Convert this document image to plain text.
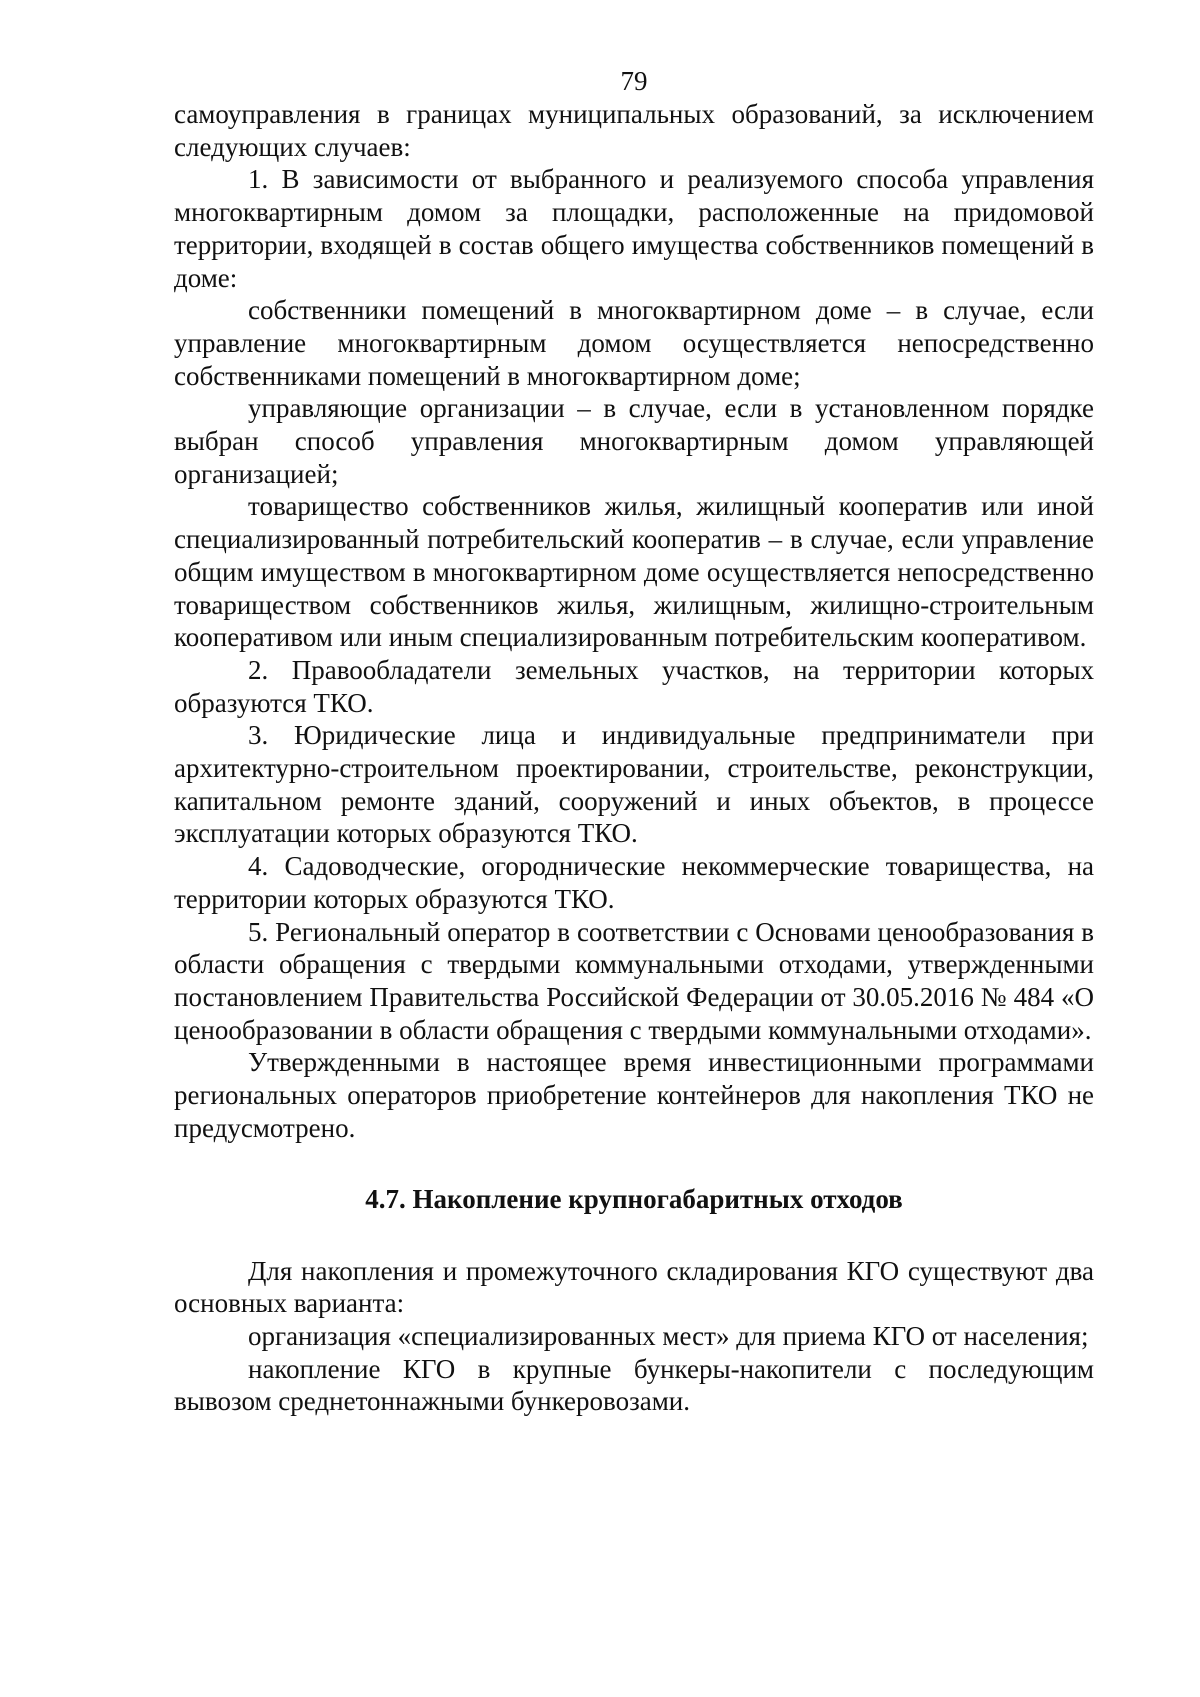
79

самоуправления в границах муниципальных образований, за исключением следующих случаев:

1. В зависимости от выбранного и реализуемого способа управления многоквартирным домом за площадки, расположенные на придомовой территории, входящей в состав общего имущества собственников помещений в доме:

собственники помещений в многоквартирном доме – в случае, если управление многоквартирным домом осуществляется непосредственно собственниками помещений в многоквартирном доме;

управляющие организации – в случае, если в установленном порядке выбран способ управления многоквартирным домом управляющей организацией;

товарищество собственников жилья, жилищный кооператив или иной специализированный потребительский кооператив – в случае, если управление общим имуществом в многоквартирном доме осуществляется непосредственно товариществом собственников жилья, жилищным, жилищно-строительным кооперативом или иным специализированным потребительским кооперативом.

2. Правообладатели земельных участков, на территории которых образуются ТКО.

3. Юридические лица и индивидуальные предприниматели при архитектурно-строительном проектировании, строительстве, реконструкции, капитальном ремонте зданий, сооружений и иных объектов, в процессе эксплуатации которых образуются ТКО.

4. Садоводческие, огороднические некоммерческие товарищества, на территории которых образуются ТКО.

5. Региональный оператор в соответствии с Основами ценообразования в области обращения с твердыми коммунальными отходами, утвержденными постановлением Правительства Российской Федерации от 30.05.2016 № 484 «О ценообразовании в области обращения с твердыми коммунальными отходами».

Утвержденными в настоящее время инвестиционными программами региональных операторов приобретение контейнеров для накопления ТКО не предусмотрено.

4.7. Накопление крупногабаритных отходов

Для накопления и промежуточного складирования КГО существуют два основных варианта:

организация «специализированных мест» для приема КГО от населения;

накопление КГО в крупные бункеры-накопители с последующим вывозом среднетоннажными бункеровозами.
